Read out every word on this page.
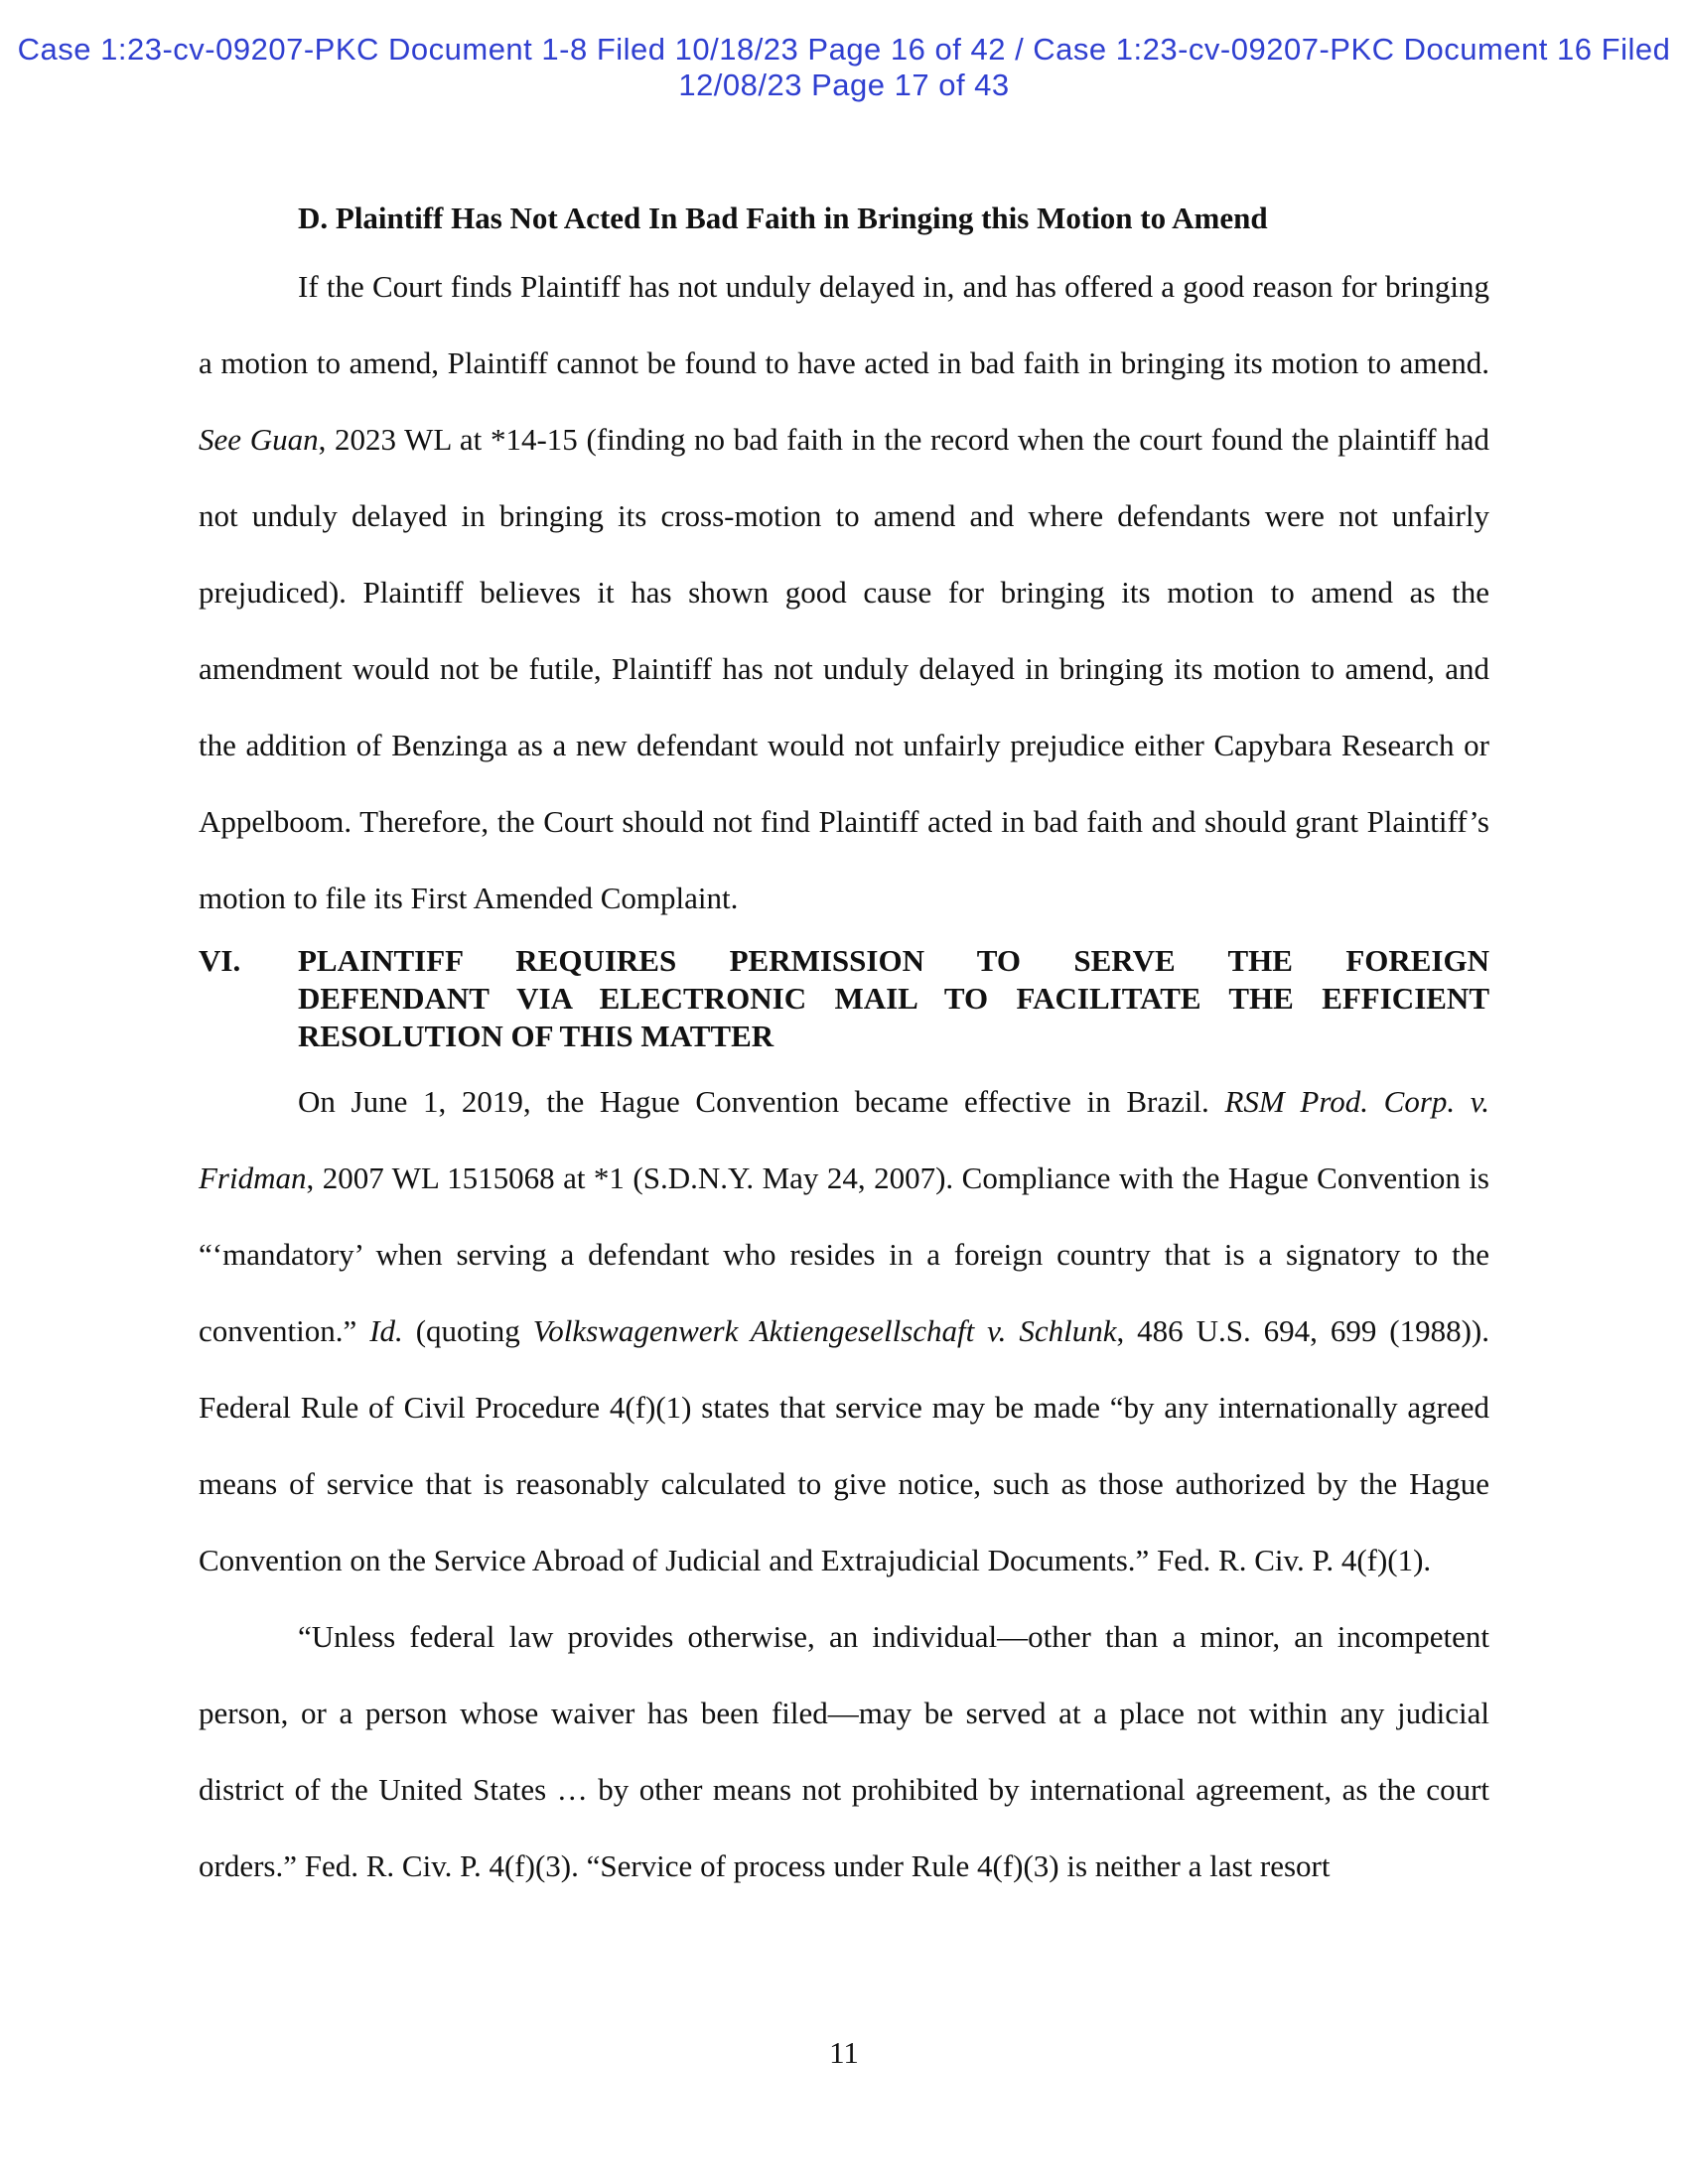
Case 1:23-cv-09207-PKC Document 1-8 Filed 10/18/23 Page 16 of 42 / Case 1:23-cv-09207-PKC Document 16 Filed 12/08/23 Page 17 of 43

D. Plaintiff Has Not Acted In Bad Faith in Bringing this Motion to Amend

If the Court finds Plaintiff has not unduly delayed in, and has offered a good reason for bringing a motion to amend, Plaintiff cannot be found to have acted in bad faith in bringing its motion to amend. See Guan, 2023 WL at *14-15 (finding no bad faith in the record when the court found the plaintiff had not unduly delayed in bringing its cross-motion to amend and where defendants were not unfairly prejudiced). Plaintiff believes it has shown good cause for bringing its motion to amend as the amendment would not be futile, Plaintiff has not unduly delayed in bringing its motion to amend, and the addition of Benzinga as a new defendant would not unfairly prejudice either Capybara Research or Appelboom. Therefore, the Court should not find Plaintiff acted in bad faith and should grant Plaintiff’s motion to file its First Amended Complaint.

VI.	PLAINTIFF REQUIRES PERMISSION TO SERVE THE FOREIGN
DEFENDANT VIA ELECTRONIC MAIL TO FACILITATE THE EFFICIENT
RESOLUTION OF THIS MATTER

On June 1, 2019, the Hague Convention became effective in Brazil. RSM Prod. Corp. v. Fridman, 2007 WL 1515068 at *1 (S.D.N.Y. May 24, 2007). Compliance with the Hague Convention is “‘mandatory’ when serving a defendant who resides in a foreign country that is a signatory to the convention.” Id. (quoting Volkswagenwerk Aktiengesellschaft v. Schlunk, 486 U.S. 694, 699 (1988)). Federal Rule of Civil Procedure 4(f)(1) states that service may be made “by any internationally agreed means of service that is reasonably calculated to give notice, such as those authorized by the Hague Convention on the Service Abroad of Judicial and Extrajudicial Documents.” Fed. R. Civ. P. 4(f)(1).

“Unless federal law provides otherwise, an individual—other than a minor, an incompetent person, or a person whose waiver has been filed—may be served at a place not within any judicial district of the United States … by other means not prohibited by international agreement, as the court orders.” Fed. R. Civ. P. 4(f)(3). “Service of process under Rule 4(f)(3) is neither a last resort

11
